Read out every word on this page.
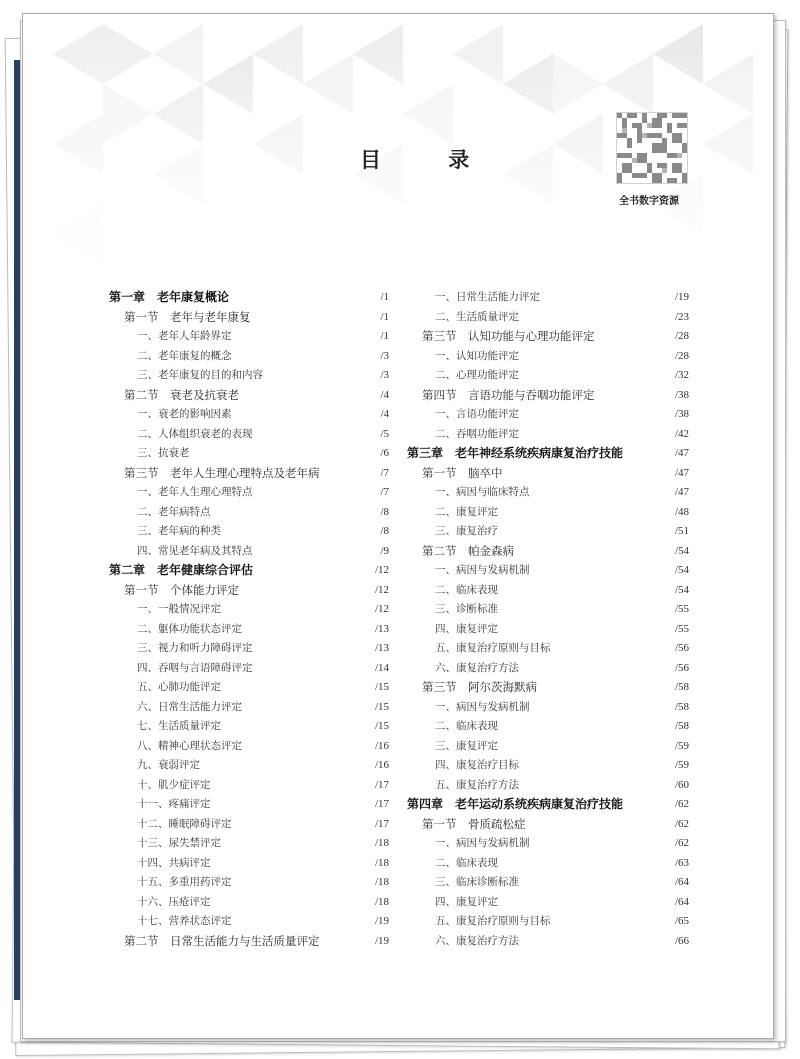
目 录
全书数字资源
第一章　老年康复概论	/1
第一节　老年与老年康复	/1
一、老年人年龄界定	/1
二、老年康复的概念	/3
三、老年康复的目的和内容	/3
第二节　衰老及抗衰老	/4
一、衰老的影响因素	/4
二、人体组织衰老的表现	/5
三、抗衰老	/6
第三节　老年人生理心理特点及老年病	/7
一、老年人生理心理特点	/7
二、老年病特点	/8
三、老年病的种类	/8
四、常见老年病及其特点	/9
第二章　老年健康综合评估	/12
第一节　个体能力评定	/12
一、一般情况评定	/12
二、躯体功能状态评定	/13
三、视力和听力障碍评定	/13
四、吞咽与言语障碍评定	/14
五、心肺功能评定	/15
六、日常生活能力评定	/15
七、生活质量评定	/15
八、精神心理状态评定	/16
九、衰弱评定	/16
十、肌少症评定	/17
十一、疼痛评定	/17
十二、睡眠障碍评定	/17
十三、尿失禁评定	/18
十四、共病评定	/18
十五、多重用药评定	/18
十六、压疮评定	/18
十七、营养状态评定	/19
第二节　日常生活能力与生活质量评定	/19
一、日常生活能力评定	/19
二、生活质量评定	/23
第三节　认知功能与心理功能评定	/28
一、认知功能评定	/28
二、心理功能评定	/32
第四节　言语功能与吞咽功能评定	/38
一、言语功能评定	/38
二、吞咽功能评定	/42
第三章　老年神经系统疾病康复治疗技能	/47
第一节　脑卒中	/47
一、病因与临床特点	/47
二、康复评定	/48
三、康复治疗	/51
第二节　帕金森病	/54
一、病因与发病机制	/54
二、临床表现	/54
三、诊断标准	/55
四、康复评定	/55
五、康复治疗原则与目标	/56
六、康复治疗方法	/56
第三节　阿尔茨海默病	/58
一、病因与发病机制	/58
二、临床表现	/58
三、康复评定	/59
四、康复治疗目标	/59
五、康复治疗方法	/60
第四章　老年运动系统疾病康复治疗技能	/62
第一节　骨质疏松症	/62
一、病因与发病机制	/62
二、临床表现	/63
三、临床诊断标准	/64
四、康复评定	/64
五、康复治疗原则与目标	/65
六、康复治疗方法	/66
